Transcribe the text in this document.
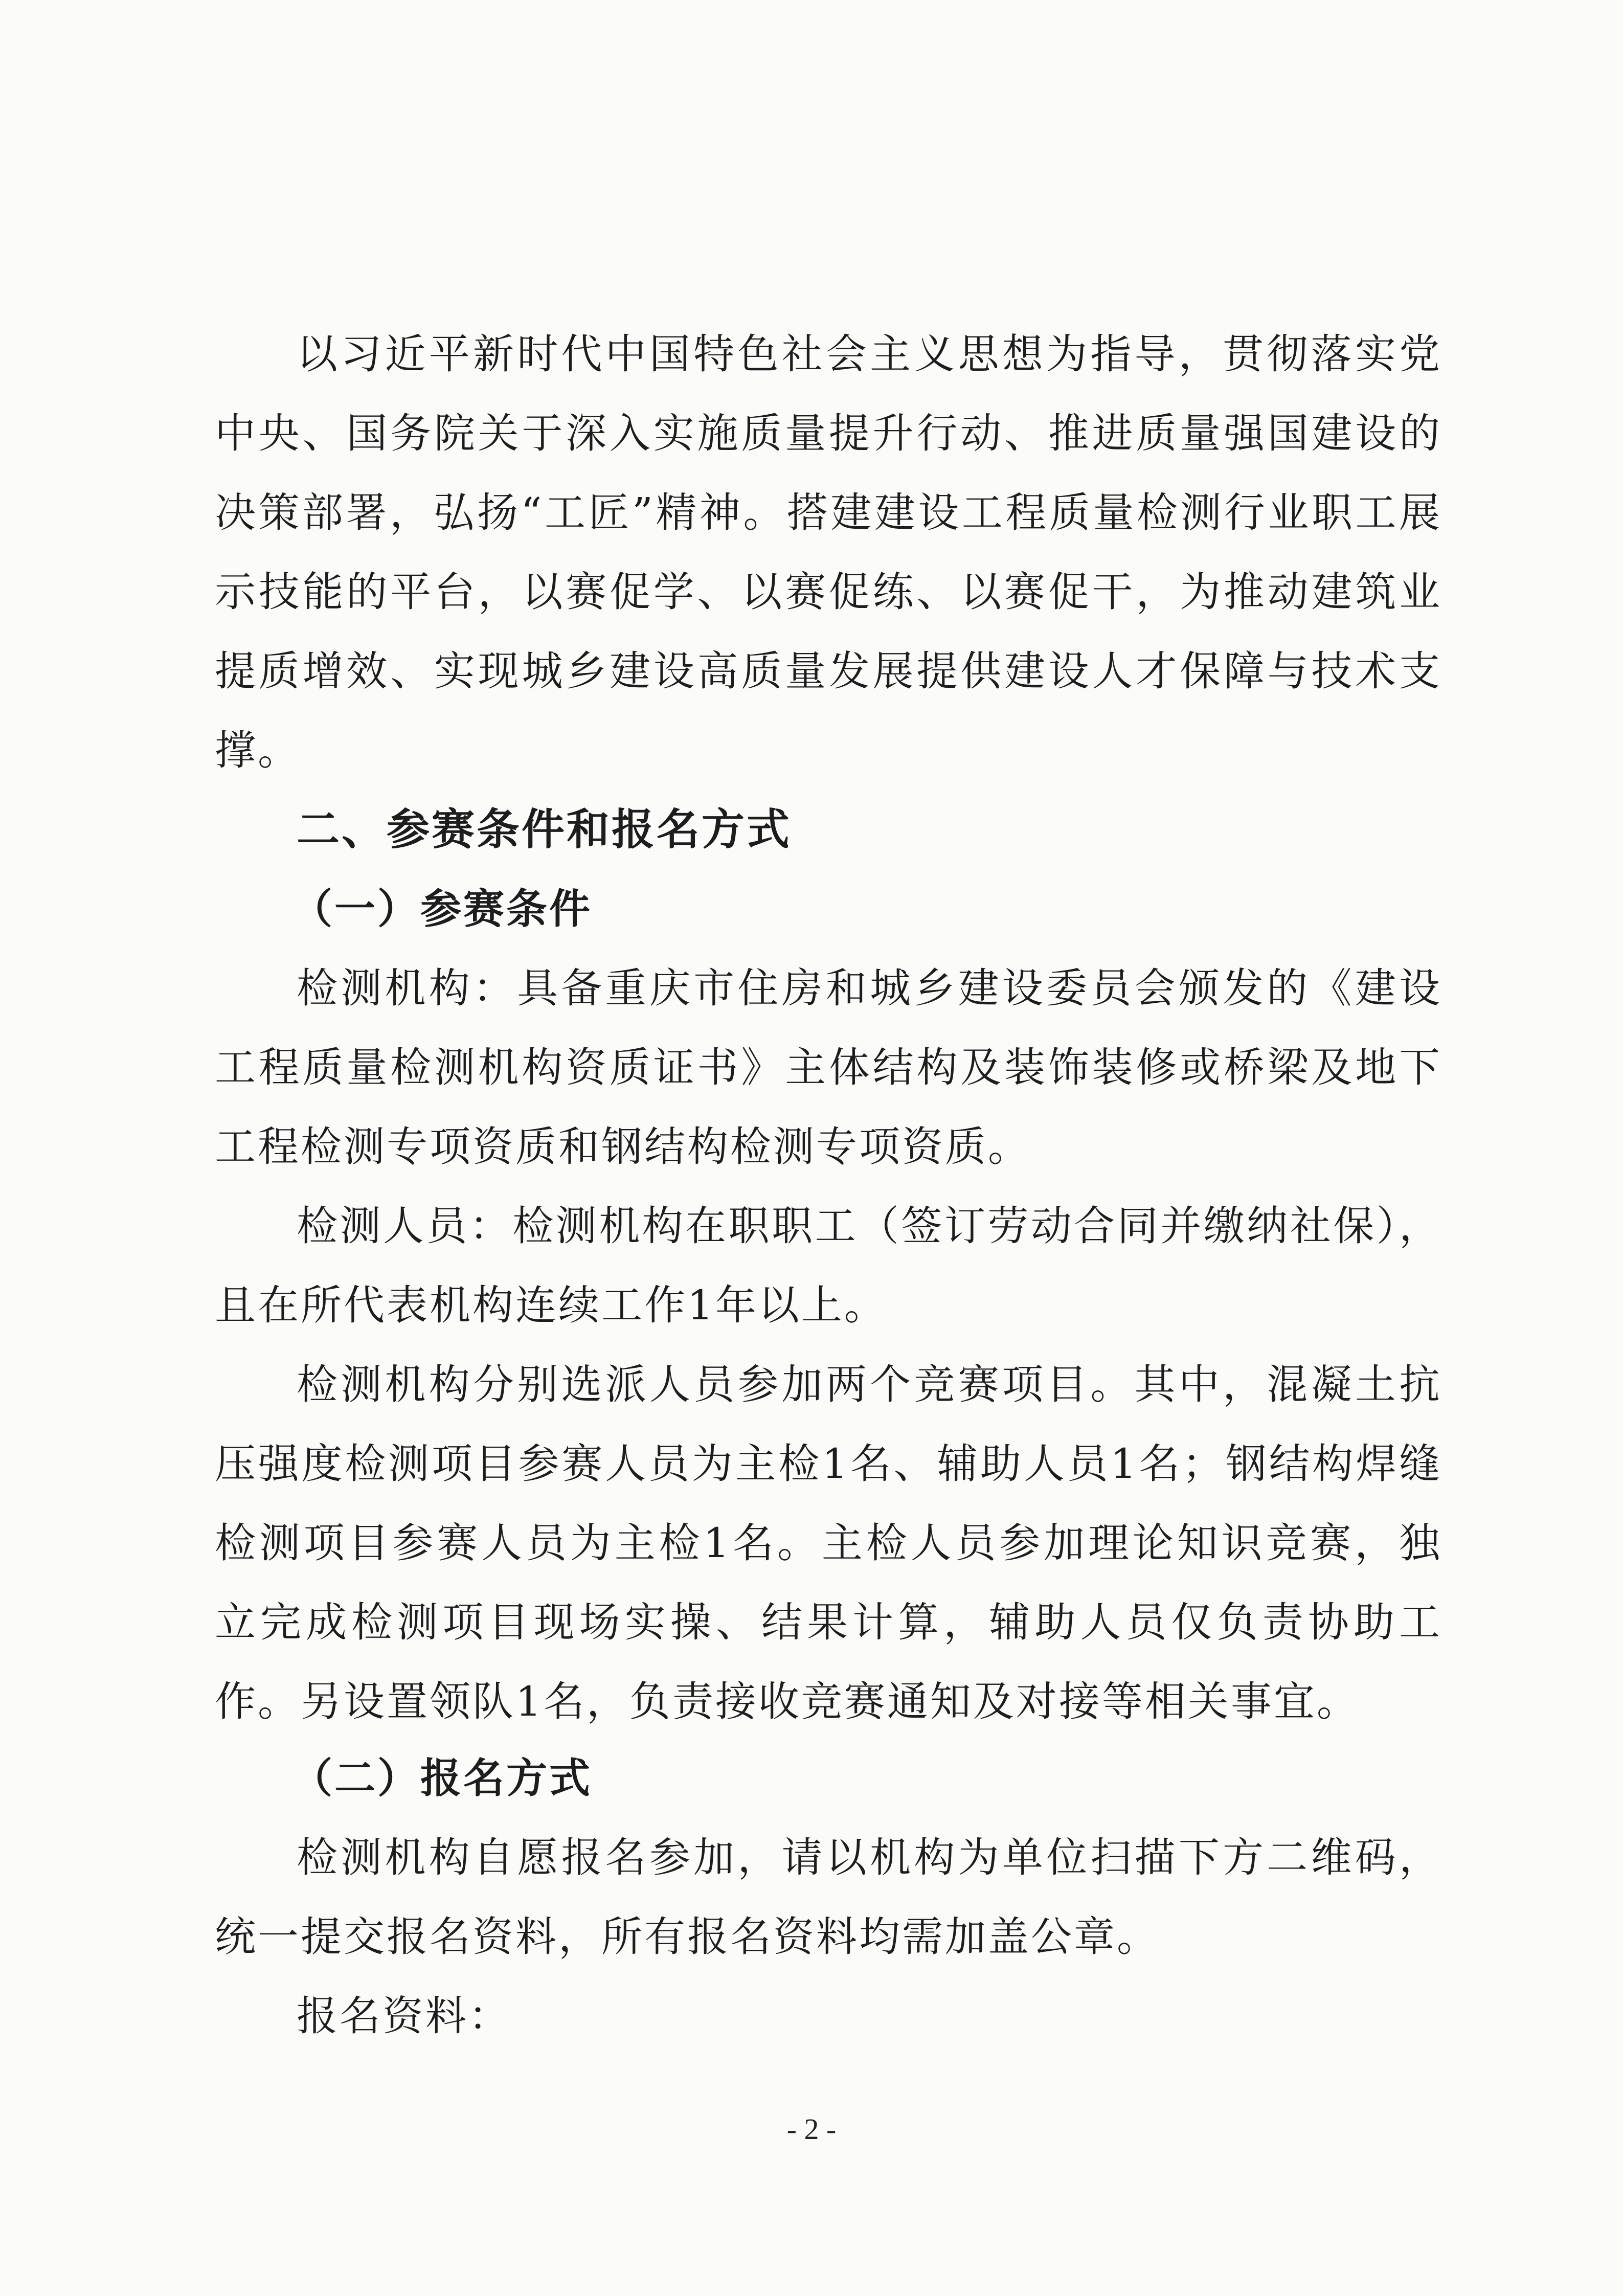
以习近平新时代中国特色社会主义思想为指导，贯彻落实党中央、国务院关于深入实施质量提升行动、推进质量强国建设的决策部署，弘扬“工匠”精神。搭建建设工程质量检测行业职工展示技能的平台，以赛促学、以赛促练、以赛促干，为推动建筑业提质增效、实现城乡建设高质量发展提供建设人才保障与技术支撑。

二、参赛条件和报名方式

（一）参赛条件

检测机构：具备重庆市住房和城乡建设委员会颁发的《建设工程质量检测机构资质证书》主体结构及装饰装修或桥梁及地下工程检测专项资质和钢结构检测专项资质。

检测人员：检测机构在职职工（签订劳动合同并缴纳社保），且在所代表机构连续工作1年以上。

检测机构分别选派人员参加两个竞赛项目。其中，混凝土抗压强度检测项目参赛人员为主检1名、辅助人员1名；钢结构焊缝检测项目参赛人员为主检1名。主检人员参加理论知识竞赛，独立完成检测项目现场实操、结果计算，辅助人员仅负责协助工作。另设置领队1名，负责接收竞赛通知及对接等相关事宜。

（二）报名方式

检测机构自愿报名参加，请以机构为单位扫描下方二维码，统一提交报名资料，所有报名资料均需加盖公章。

报名资料：

- 2 -
